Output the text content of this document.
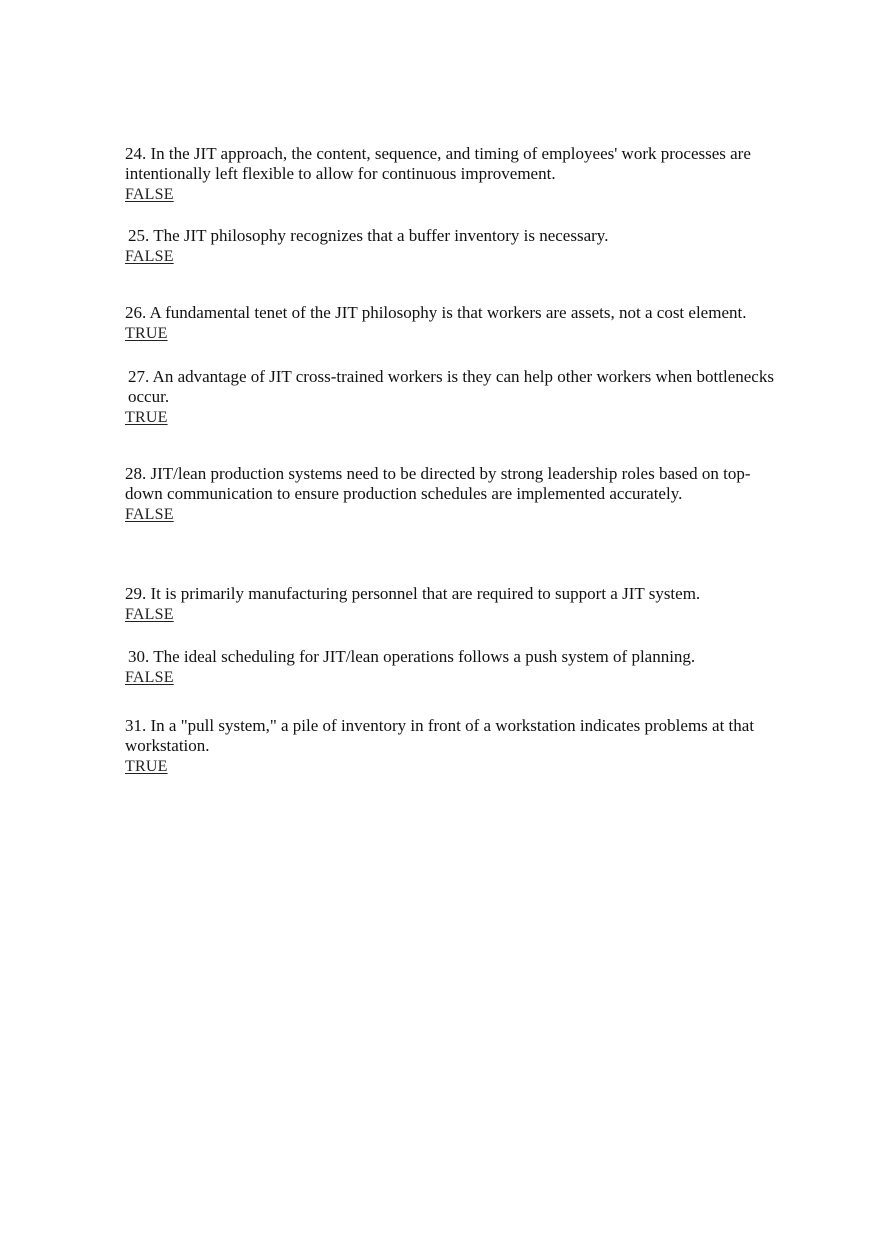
24. In the JIT approach, the content, sequence, and timing of employees' work processes are intentionally left flexible to allow for continuous improvement.

FALSE

25. The JIT philosophy recognizes that a buffer inventory is necessary.

FALSE

26. A fundamental tenet of the JIT philosophy is that workers are assets, not a cost element.

TRUE

27. An advantage of JIT cross-trained workers is they can help other workers when bottlenecks occur.

TRUE

28. JIT/lean production systems need to be directed by strong leadership roles based on top-down communication to ensure production schedules are implemented accurately.

FALSE

29. It is primarily manufacturing personnel that are required to support a JIT system.

FALSE

30. The ideal scheduling for JIT/lean operations follows a push system of planning.

FALSE

31. In a "pull system," a pile of inventory in front of a workstation indicates problems at that workstation.

TRUE
